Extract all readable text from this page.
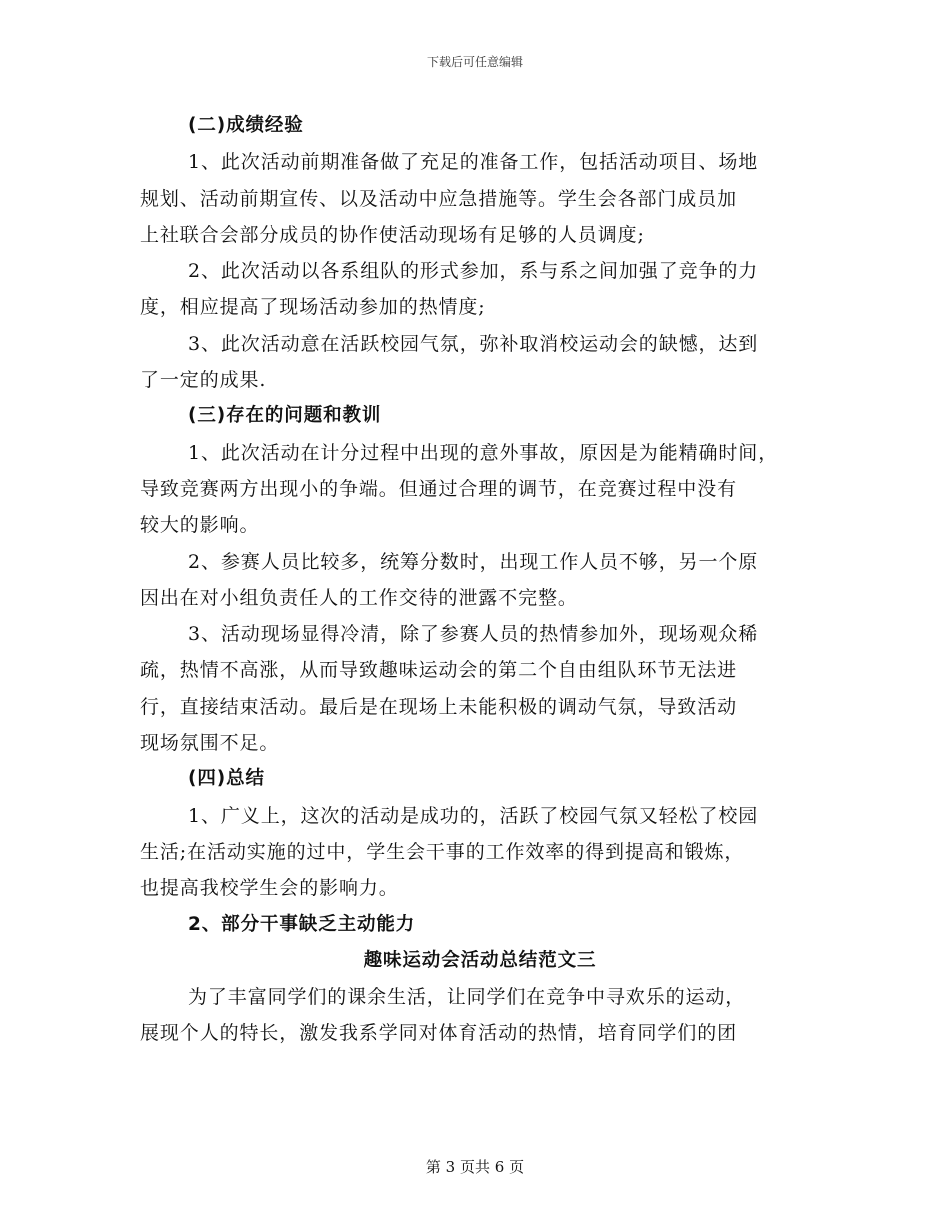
下载后可任意编辑
(二)成绩经验
1、此次活动前期准备做了充足的准备工作，包括活动项目、场地
规划、活动前期宣传、以及活动中应急措施等。学生会各部门成员加
上社联合会部分成员的协作使活动现场有足够的人员调度;
2、此次活动以各系组队的形式参加，系与系之间加强了竞争的力
度，相应提高了现场活动参加的热情度;
3、此次活动意在活跃校园气氛，弥补取消校运动会的缺憾，达到
了一定的成果.
(三)存在的问题和教训
1、此次活动在计分过程中出现的意外事故，原因是为能精确时间，
导致竞赛两方出现小的争端。但通过合理的调节，在竞赛过程中没有
较大的影响。
2、参赛人员比较多，统筹分数时，出现工作人员不够，另一个原
因出在对小组负责任人的工作交待的泄露不完整。
3、活动现场显得冷清，除了参赛人员的热情参加外，现场观众稀
疏，热情不高涨，从而导致趣味运动会的第二个自由组队环节无法进
行，直接结束活动。最后是在现场上未能积极的调动气氛，导致活动
现场氛围不足。
(四)总结
1、广义上，这次的活动是成功的，活跃了校园气氛又轻松了校园
生活;在活动实施的过中，学生会干事的工作效率的得到提高和锻炼，
也提高我校学生会的影响力。
2、部分干事缺乏主动能力
趣味运动会活动总结范文三
为了丰富同学们的课余生活，让同学们在竞争中寻欢乐的运动，
展现个人的特长，激发我系学同对体育活动的热情，培育同学们的团
第 3 页共 6 页
